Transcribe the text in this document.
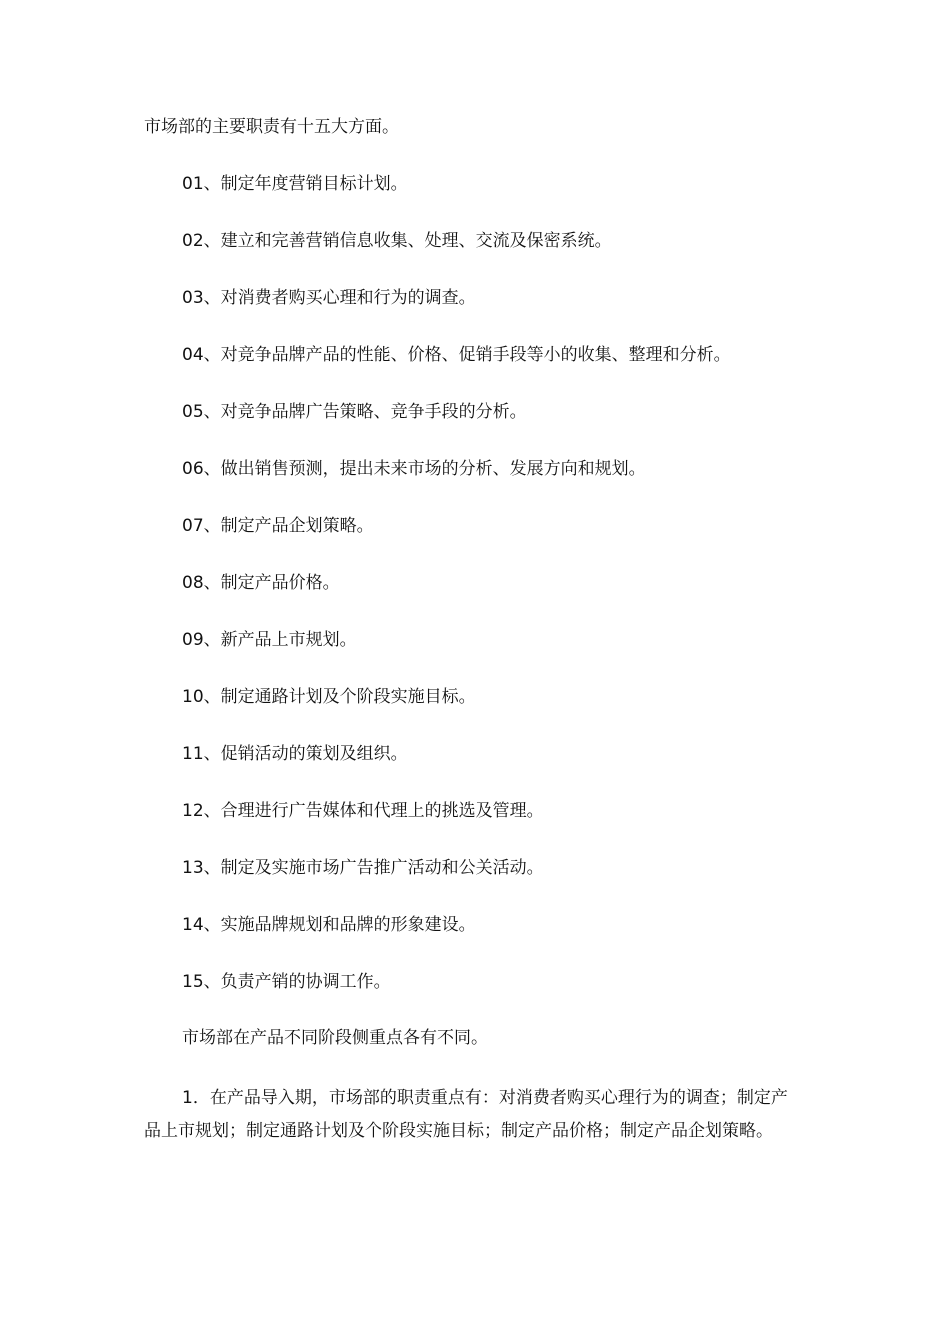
市场部的主要职责有十五大方面。
01、制定年度营销目标计划。
02、建立和完善营销信息收集、处理、交流及保密系统。
03、对消费者购买心理和行为的调查。
04、对竞争品牌产品的性能、价格、促销手段等小的收集、整理和分析。
05、对竞争品牌广告策略、竞争手段的分析。
06、做出销售预测，提出未来市场的分析、发展方向和规划。
07、制定产品企划策略。
08、制定产品价格。
09、新产品上市规划。
10、制定通路计划及个阶段实施目标。
11、促销活动的策划及组织。
12、合理进行广告媒体和代理上的挑选及管理。
13、制定及实施市场广告推广活动和公关活动。
14、实施品牌规划和品牌的形象建设。
15、负责产销的协调工作。
市场部在产品不同阶段侧重点各有不同。
1．在产品导入期，市场部的职责重点有：对消费者购买心理行为的调查；制定产品上市规划；制定通路计划及个阶段实施目标；制定产品价格；制定产品企划策略。
